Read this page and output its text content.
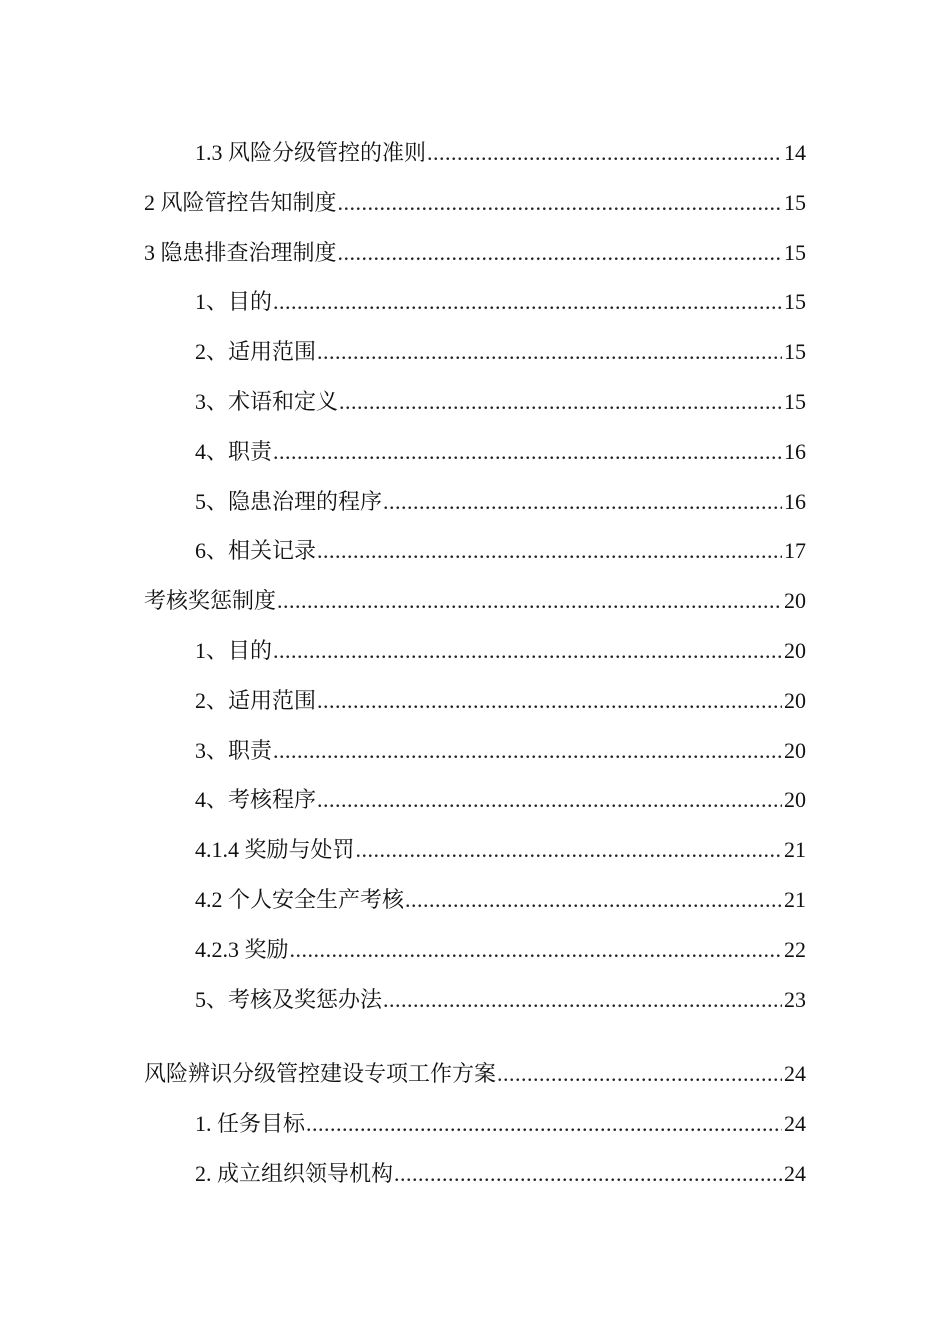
1.3 风险分级管控的准则 .....	14
2 风险管控告知制度 .....	15
3 隐患排查治理制度 .....	15
1、目的 .....	15
2、适用范围 .....	15
3、术语和定义 .....	15
4、职责 .....	16
5、隐患治理的程序 .....	16
6、相关记录 .....	17
考核奖惩制度 .....	20
1、目的 .....	20
2、适用范围 .....	20
3、职责 .....	20
4、考核程序 .....	20
4.1.4 奖励与处罚 .....	21
4.2 个人安全生产考核 .....	21
4.2.3 奖励 .....	22
5、考核及奖惩办法 .....	23
风险辨识分级管控建设专项工作方案 .....	24
1. 任务目标 .....	24
2. 成立组织领导机构 .....	24
